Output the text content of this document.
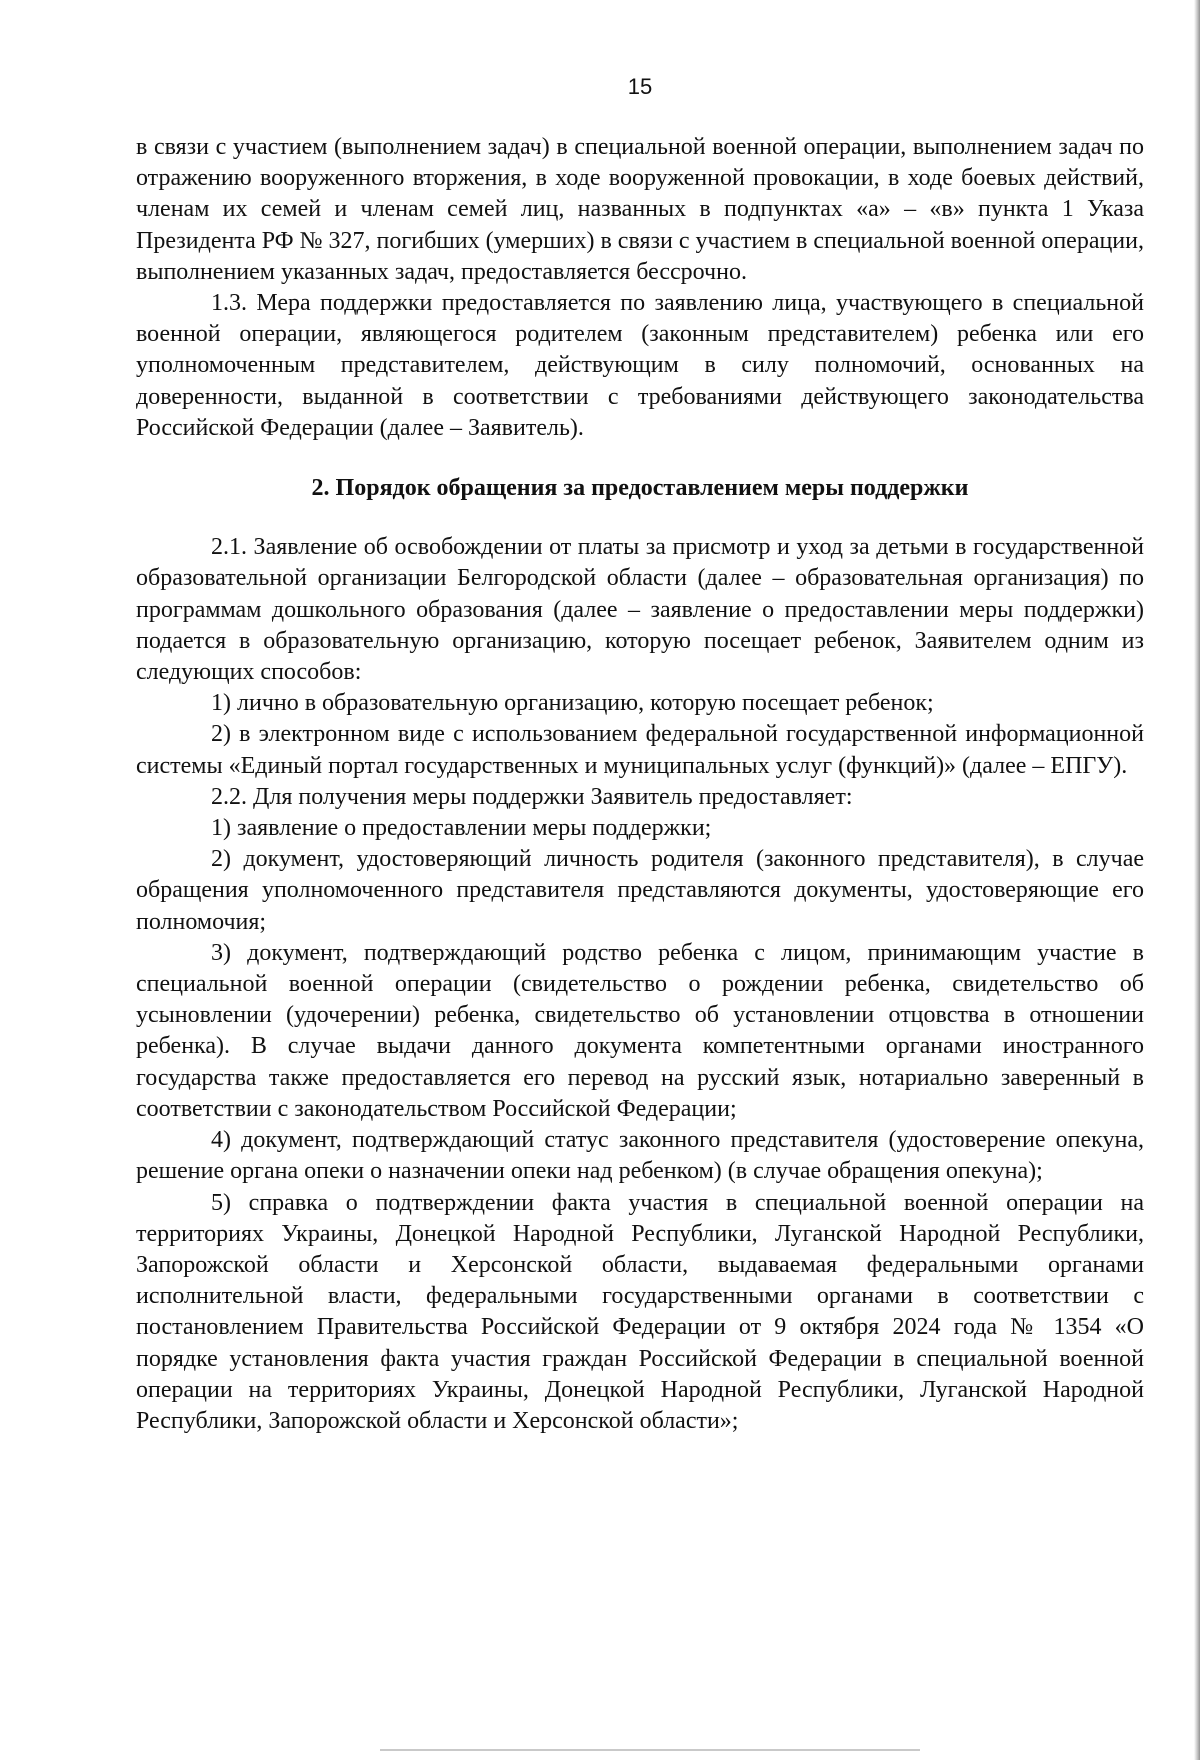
15

в связи с участием (выполнением задач) в специальной военной операции, выполнением задач по отражению вооруженного вторжения, в ходе вооруженной провокации, в ходе боевых действий, членам их семей и членам семей лиц, названных в подпунктах «а» – «в» пункта 1 Указа Президента РФ № 327, погибших (умерших) в связи с участием в специальной военной операции, выполнением указанных задач, предоставляется бессрочно.

1.3. Мера поддержки предоставляется по заявлению лица, участвующего в специальной военной операции, являющегося родителем (законным представителем) ребенка или его уполномоченным представителем, действующим в силу полномочий, основанных на доверенности, выданной в соответствии с требованиями действующего законодательства Российской Федерации (далее – Заявитель).

2. Порядок обращения за предоставлением меры поддержки

2.1. Заявление об освобождении от платы за присмотр и уход за детьми в государственной образовательной организации Белгородской области (далее – образовательная организация) по программам дошкольного образования (далее – заявление о предоставлении меры поддержки) подается в образовательную организацию, которую посещает ребенок, Заявителем одним из следующих способов:

1) лично в образовательную организацию, которую посещает ребенок;

2) в электронном виде с использованием федеральной государственной информационной системы «Единый портал государственных и муниципальных услуг (функций)» (далее – ЕПГУ).

2.2. Для получения меры поддержки Заявитель предоставляет:

1) заявление о предоставлении меры поддержки;

2) документ, удостоверяющий личность родителя (законного представителя), в случае обращения уполномоченного представителя представляются документы, удостоверяющие его полномочия;

3) документ, подтверждающий родство ребенка с лицом, принимающим участие в специальной военной операции (свидетельство о рождении ребенка, свидетельство об усыновлении (удочерении) ребенка, свидетельство об установлении отцовства в отношении ребенка). В случае выдачи данного документа компетентными органами иностранного государства также предоставляется его перевод на русский язык, нотариально заверенный в соответствии с законодательством Российской Федерации;

4) документ, подтверждающий статус законного представителя (удостоверение опекуна, решение органа опеки о назначении опеки над ребенком) (в случае обращения опекуна);

5) справка о подтверждении факта участия в специальной военной операции на территориях Украины, Донецкой Народной Республики, Луганской Народной Республики, Запорожской области и Херсонской области, выдаваемая федеральными органами исполнительной власти, федеральными государственными органами в соответствии с постановлением Правительства Российской Федерации от 9 октября 2024 года № 1354 «О порядке установления факта участия граждан Российской Федерации в специальной военной операции на территориях Украины, Донецкой Народной Республики, Луганской Народной Республики, Запорожской области и Херсонской области»;
